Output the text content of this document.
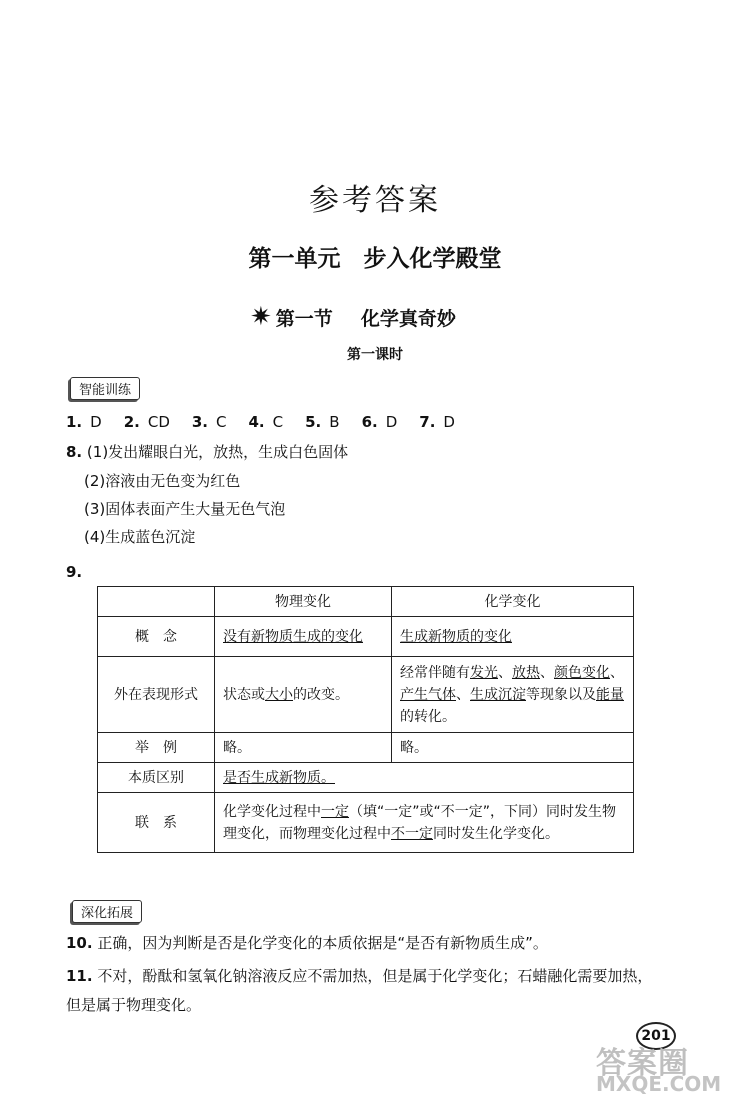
参考答案
第一单元　步入化学殿堂
✷ 第一节 化学真奇妙
第一课时
智能训练
1. D 2. CD 3. C 4. C 5. B 6. D 7. D
8. (1)发出耀眼白光，放热，生成白色固体
(2)溶液由无色变为红色
(3)固体表面产生大量无色气泡
(4)生成蓝色沉淀
9.
	物理变化	化学变化
概　念	没有新物质生成的变化	生成新物质的变化
外在表现形式	状态或大小的改变。	经常伴随有发光、放热、颜色变化、产生气体、生成沉淀等现象以及能量的转化。
举　例	略。	略。
本质区别	是否生成新物质。	
联　系	化学变化过程中一定（填“一定”或“不一定”，下同）同时发生物理变化，而物理变化过程中不一定同时发生化学变化。	
深化拓展
10. 正确，因为判断是否是化学变化的本质依据是“是否有新物质生成”。
11. 不对，酚酞和氢氧化钠溶液反应不需加热，但是属于化学变化；石蜡融化需要加热，但是属于物理变化。
201
答案圈
MXQE.COM
